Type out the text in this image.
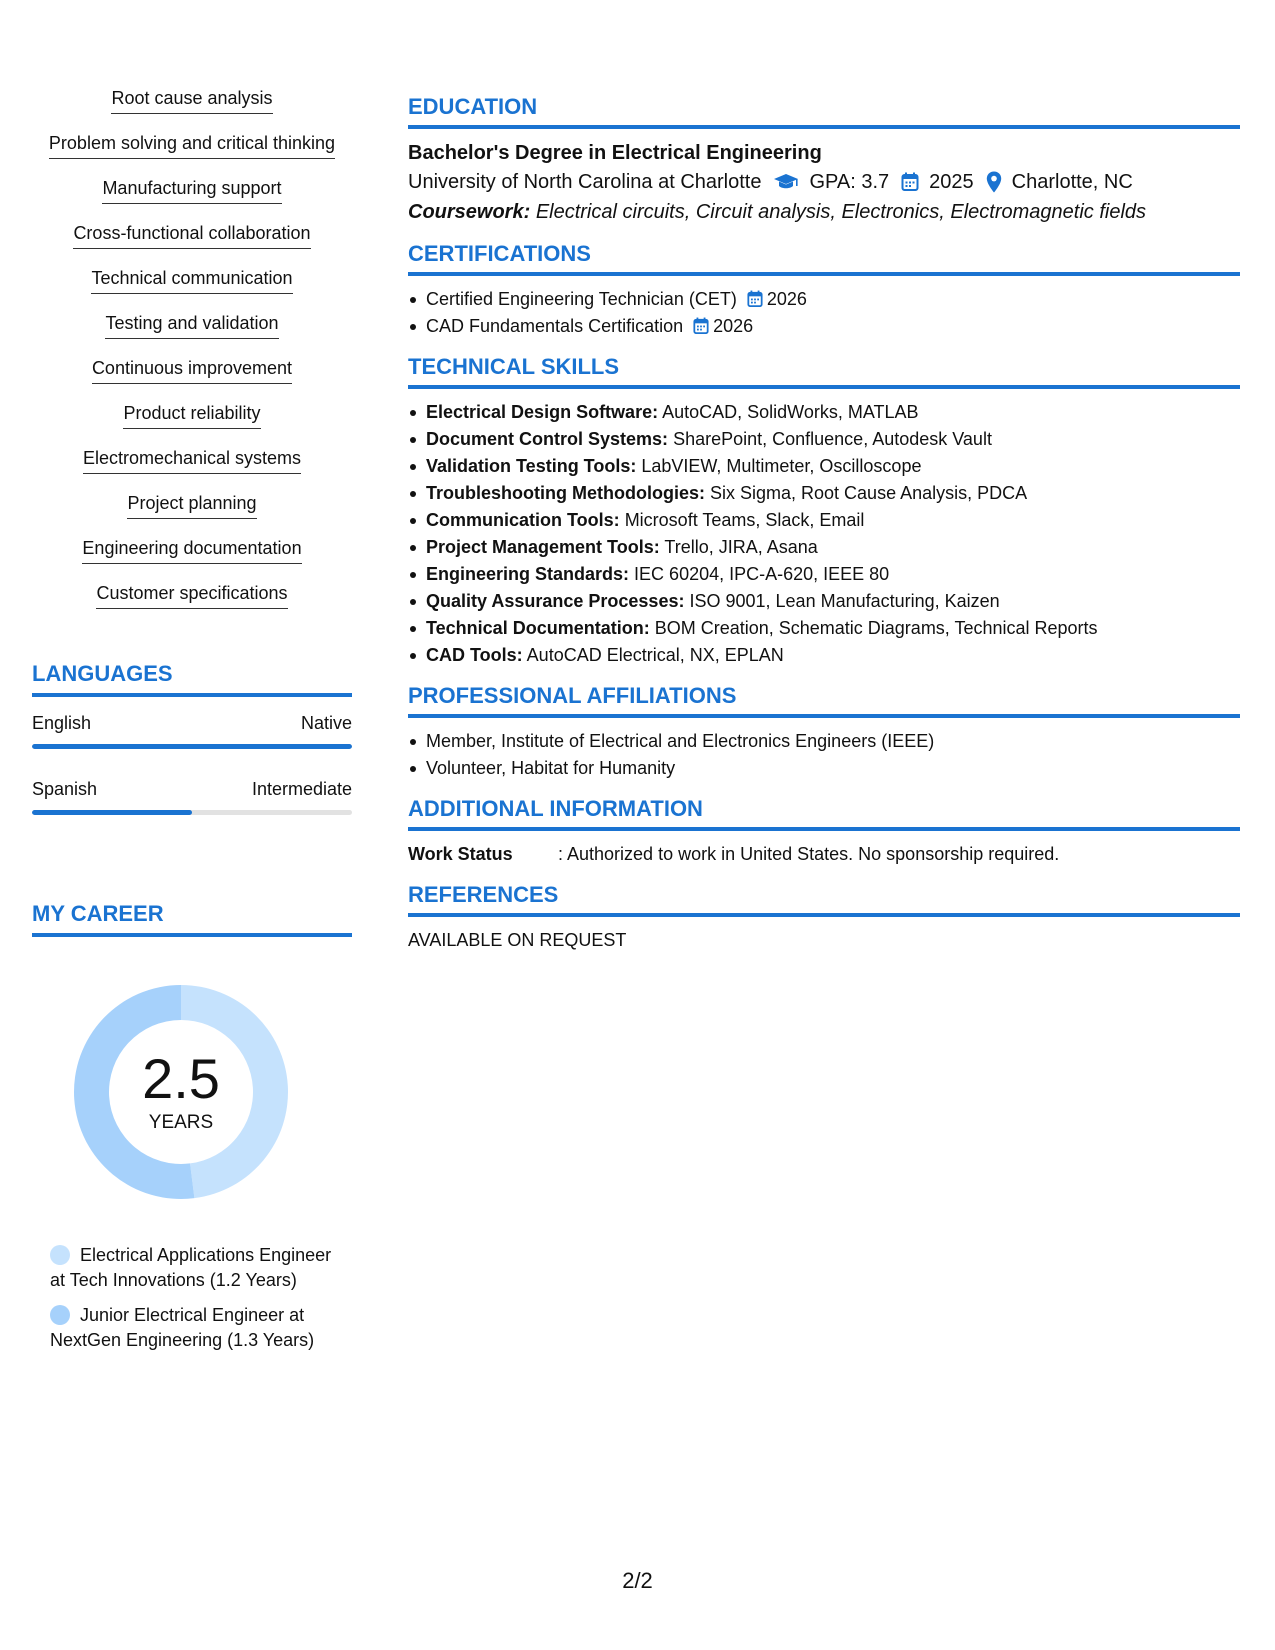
Root cause analysis
Problem solving and critical thinking
Manufacturing support
Cross-functional collaboration
Technical communication
Testing and validation
Continuous improvement
Product reliability
Electromechanical systems
Project planning
Engineering documentation
Customer specifications
LANGUAGES
English	Native
Spanish	Intermediate
MY CAREER
2.5
YEARS
Electrical Applications Engineer at Tech Innovations (1.2 Years)
Junior Electrical Engineer at NextGen Engineering (1.3 Years)
EDUCATION
Bachelor's Degree in Electrical Engineering
University of North Carolina at Charlotte GPA: 3.7 2025 Charlotte, NC
Coursework: Electrical circuits, Circuit analysis, Electronics, Electromagnetic fields
CERTIFICATIONS
Certified Engineering Technician (CET) 2026
CAD Fundamentals Certification 2026
TECHNICAL SKILLS
Electrical Design Software: AutoCAD, SolidWorks, MATLAB
Document Control Systems: SharePoint, Confluence, Autodesk Vault
Validation Testing Tools: LabVIEW, Multimeter, Oscilloscope
Troubleshooting Methodologies: Six Sigma, Root Cause Analysis, PDCA
Communication Tools: Microsoft Teams, Slack, Email
Project Management Tools: Trello, JIRA, Asana
Engineering Standards: IEC 60204, IPC-A-620, IEEE 80
Quality Assurance Processes: ISO 9001, Lean Manufacturing, Kaizen
Technical Documentation: BOM Creation, Schematic Diagrams, Technical Reports
CAD Tools: AutoCAD Electrical, NX, EPLAN
PROFESSIONAL AFFILIATIONS
Member, Institute of Electrical and Electronics Engineers (IEEE)
Volunteer, Habitat for Humanity
ADDITIONAL INFORMATION
Work Status	: Authorized to work in United States. No sponsorship required.
REFERENCES
AVAILABLE ON REQUEST
2/2
